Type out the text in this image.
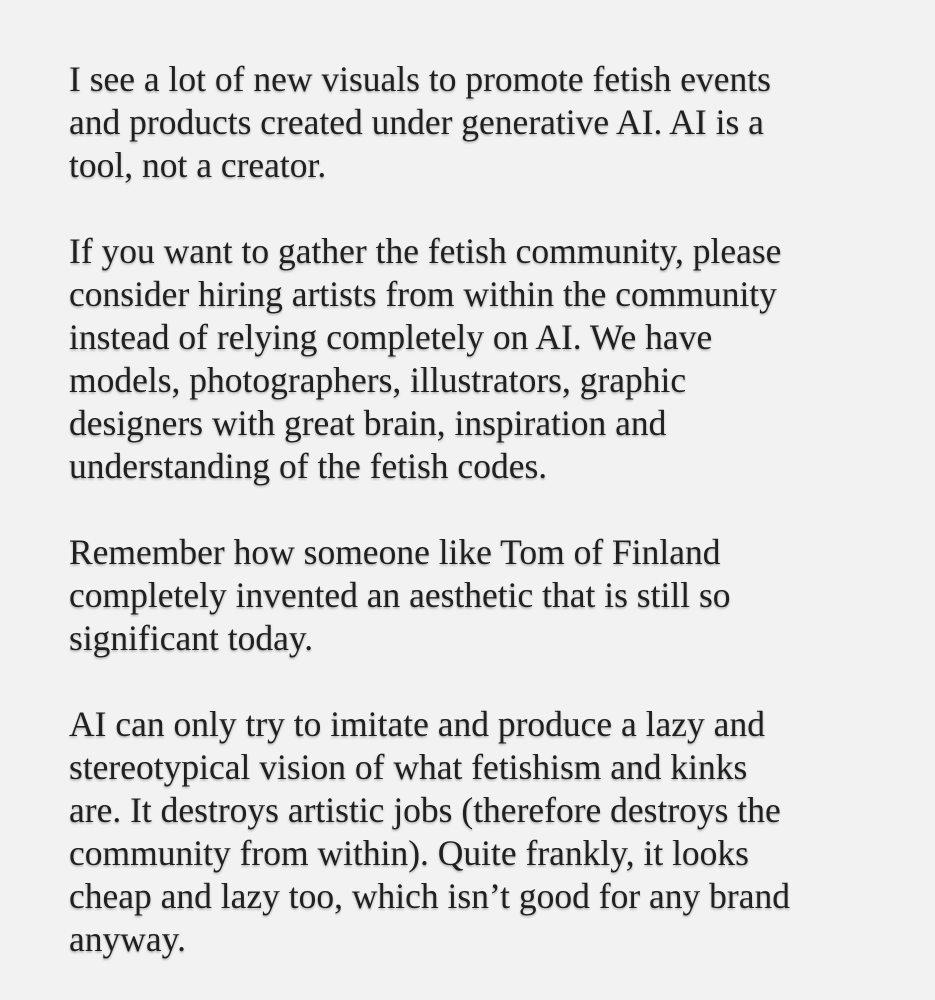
I see a lot of new visuals to promote fetish events
and products created under generative AI. AI is a
tool, not a creator.

If you want to gather the fetish community, please
consider hiring artists from within the community
instead of relying completely on AI. We have
models, photographers, illustrators, graphic
designers with great brain, inspiration and
understanding of the fetish codes.

Remember how someone like Tom of Finland
completely invented an aesthetic that is still so
significant today.

AI can only try to imitate and produce a lazy and
stereotypical vision of what fetishism and kinks
are. It destroys artistic jobs (therefore destroys the
community from within). Quite frankly, it looks
cheap and lazy too, which isn’t good for any brand
anyway.
